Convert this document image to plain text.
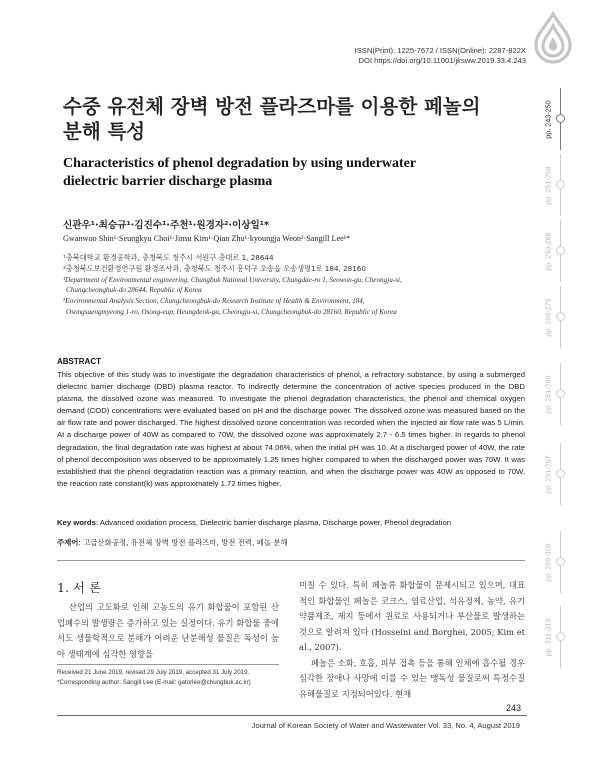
ISSN(Print): 1225-7672 / ISSN(Online): 2287-822X
DOI https://doi.org/10.11001/jksww.2019.33.4.243
수중 유전체 장벽 방전 플라즈마를 이용한 페놀의
분해 특성
Characteristics of phenol degradation by using underwater
dielectric barrier discharge plasma
신관우¹·최승규¹·김진수¹·주천¹·원경자²·이상일¹*
Gwanwoo Shin¹·Seungkyu Choi¹·Jinsu Kim¹·Qian Zhu¹·kyoungja Weon²·Sangill Lee¹*
¹충북대학교 환경공학과, 충청북도 청주시 서원구 충대로 1, 28644
²충청북도보건환경연구원 환경조사과, 충청북도 청주시 흥덕구 오송읍 오송생명1로 184, 28160
¹Department of Environmental engineering, Chungbuk National University, Chungdae-ro 1, Seowon-gu, Cheongju-si,
Chungcheongbuk-do 28644, Republic of Korea
²Environmental Analysis Section, Chungcheongbuk-do Research Institute of Health & Environment, 184,
Osongsaengmyeong 1-ro, Osong-eup, Heungdeok-gu, Cheongju-si, Chungcheongbuk-do 28160, Republic of Korea
ABSTRACT
This objective of this study was to investigate the degradation characteristics of phenol, a refractory substance, by using a submerged dielectric barrier discharge (DBD) plasma reactor. To indirectly determine the concentration of active species produced in the DBD plasma, the dissolved ozone was measured. To investigate the phenol degradation characteristics, the phenol and chemical oxygen demand (COD) concentrations were evaluated based on pH and the discharge power. The dissolved ozone was measured based on the air flow rate and power discharged. The highest dissolved ozone concentration was recorded when the injected air flow rate was 5 L/min. At a discharge power of 40W as compared to 70W, the dissolved ozone was approximately 2.7 - 6.5 times higher. In regards to phenol degradation, the final degradation rate was highest at about 74.06%, when the initial pH was 10. At a discharged power of 40W, the rate of phenol decomposition was observed to be approximately 1.25 times higher compared to when the discharged power was 70W. It was established that the phenol degradation reaction was a primary reaction, and when the discharge power was 40W as opposed to 70W, the reaction rate constant(k) was approximately 1.72 times higher.
Key words: Advanced oxidation process, Dielectric barrier discharge plasma, Discharge power, Phenol degradation
주제어: 고급산화공정, 유전체 장벽 방전 플라즈마, 방전 전력, 페놀 분해
1. 서 론

산업의 고도화로 인해 고농도의 유기 화합물이 포함된 산업폐수의 발생량은 증가하고 있는 실정이다. 유기 화합물 중에서도 생물학적으로 분해가 어려운 난분해성 물질은 독성이 높아 생태계에 심각한 영향을

미칠 수 있다. 특히 페놀류 화합물이 문제시되고 있으며, 대표적인 화합물인 페놀은 코크스, 염료산업, 석유정제, 농약, 유기약품제조, 제지 등에서 원료로 사용되거나 부산물로 발생하는 것으로 알려져 있다 (Hosseini and Borghei, 2005; Kim et al., 2007).

페놀은 소화, 호흡, 피부 접촉 등을 통해 인체에 흡수될 경우 심각한 장애나 사망에 이를 수 있는 맹독성 물질로써 특정수질유해물질로 지정되어있다. 현재

Received 21 June 2019, revised 29 July 2019, accepted 31 July 2019.
*Corresponding author: Sangill Lee (E-mail: gatorlee@chungbuk.ac.kr)
243
Journal of Korean Society of Water and Wastewater Vol. 33, No. 4, August 2019
pp. 243-250
pp. 251-258
pp. 259-268
pp. 269-279
pp. 281-289
pp. 291-297
pp. 299-309
pp. 311-319
